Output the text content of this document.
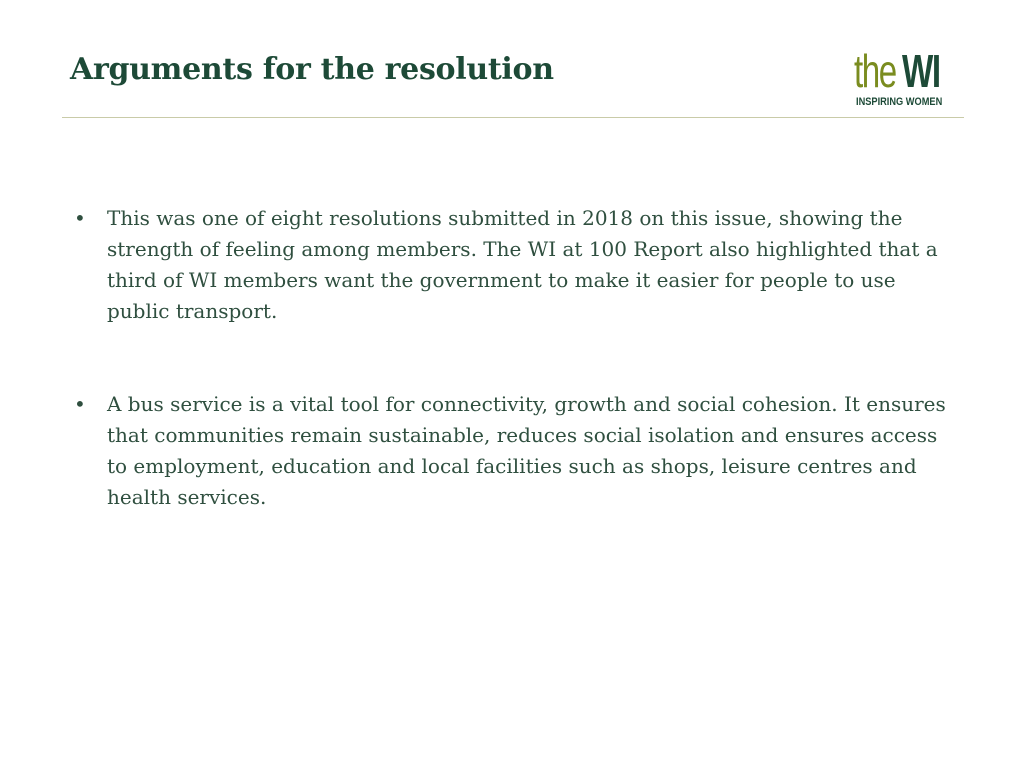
Arguments for the resolution	the WI
INSPIRING WOMEN
• This was one of eight resolutions submitted in 2018 on this issue, showing the strength of feeling among members. The WI at 100 Report also highlighted that a third of WI members want the government to make it easier for people to use public transport.
• A bus service is a vital tool for connectivity, growth and social cohesion. It ensures that communities remain sustainable, reduces social isolation and ensures access to employment, education and local facilities such as shops, leisure centres and health services.
